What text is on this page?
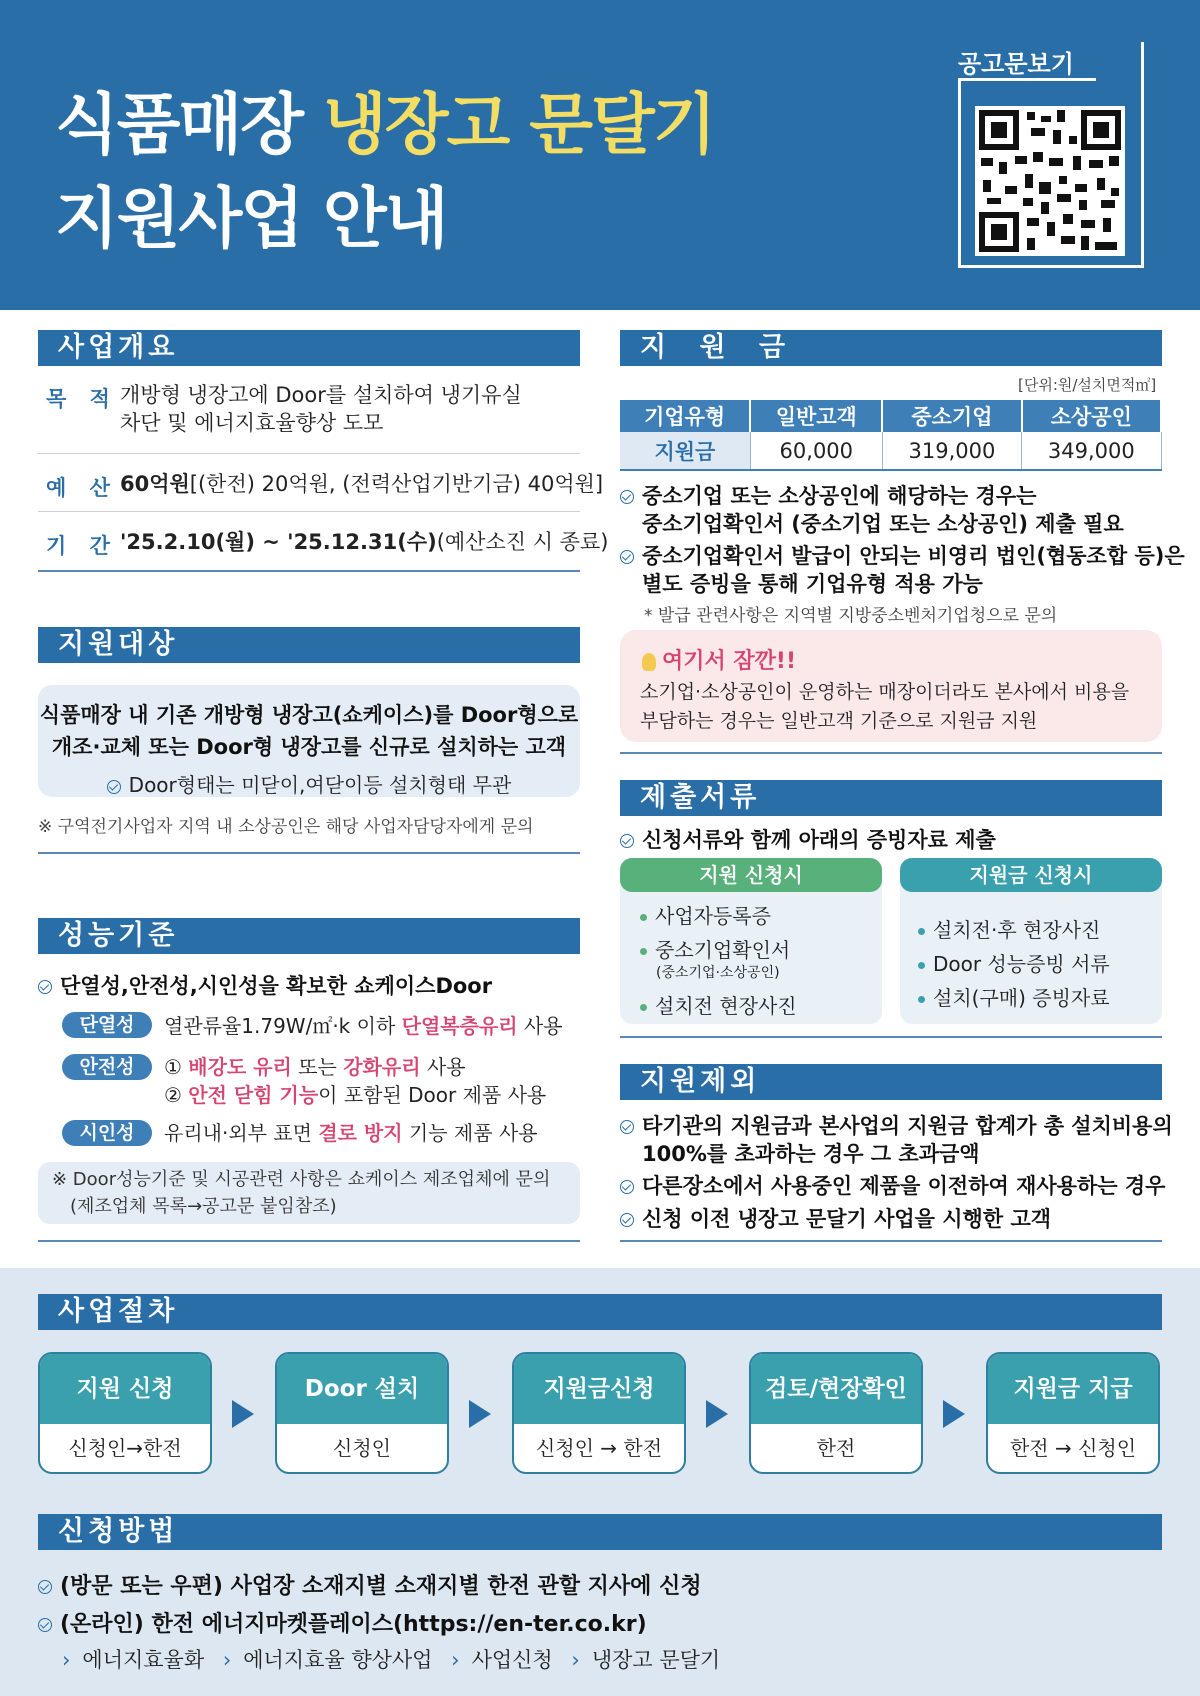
식품매장 냉장고 문달기
지원사업 안내
공고문보기
사업개요
목 적 개방형 냉장고에 Door를 설치하여 냉기유실
차단 및 에너지효율향상 도모
예 산 60억원[(한전) 20억원, (전력산업기반기금) 40억원]
기 간 '25.2.10(월) ~ '25.12.31(수)(예산소진 시 종료)
지원대상
식품매장 내 기존 개방형 냉장고(쇼케이스)를 Door형으로
개조·교체 또는 Door형 냉장고를 신규로 설치하는 고객
Door형태는 미닫이,여닫이등 설치형태 무관
※ 구역전기사업자 지역 내 소상공인은 해당 사업자담당자에게 문의
성능기준
단열성,안전성,시인성을 확보한 쇼케이스Door
단열성	열관류율1.79W/㎡·k 이하 단열복층유리 사용
안전성	① 배강도 유리 또는 강화유리 사용
② 안전 닫힘 기능이 포함된 Door 제품 사용
시인성	유리내·외부 표면 결로 방지 기능 제품 사용
※ Door성능기준 및 시공관련 사항은 쇼케이스 제조업체에 문의
(제조업체 목록→공고문 붙임참조)
지 원 금
[단위:원/설치면적㎡]
기업유형	일반고객	중소기업	소상공인
지원금	60,000	319,000	349,000
중소기업 또는 소상공인에 해당하는 경우는
중소기업확인서 (중소기업 또는 소상공인) 제출 필요
중소기업확인서 발급이 안되는 비영리 법인(협동조합 등)은
별도 증빙을 통해 기업유형 적용 가능
* 발급 관련사항은 지역별 지방중소벤처기업청으로 문의
여기서 잠깐!!
소기업·소상공인이 운영하는 매장이더라도 본사에서 비용을
부담하는 경우는 일반고객 기준으로 지원금 지원
제출서류
신청서류와 함께 아래의 증빙자료 제출
지원 신청시
사업자등록증
중소기업확인서
(중소기업·소상공인)
설치전 현장사진
지원금 신청시
설치전·후 현장사진
Door 성능증빙 서류
설치(구매) 증빙자료
지원제외
타기관의 지원금과 본사업의 지원금 합계가 총 설치비용의
100%를 초과하는 경우 그 초과금액
다른장소에서 사용중인 제품을 이전하여 재사용하는 경우
신청 이전 냉장고 문달기 사업을 시행한 고객
사업절차
지원 신청
신청인→한전
Door 설치
신청인
지원금신청
신청인 → 한전
검토/현장확인
한전
지원금 지급
한전 → 신청인
신청방법
(방문 또는 우편) 사업장 소재지별 소재지별 한전 관할 지사에 신청
(온라인) 한전 에너지마켓플레이스(https://en-ter.co.kr)
› 에너지효율화 › 에너지효율 향상사업 › 사업신청 › 냉장고 문달기
